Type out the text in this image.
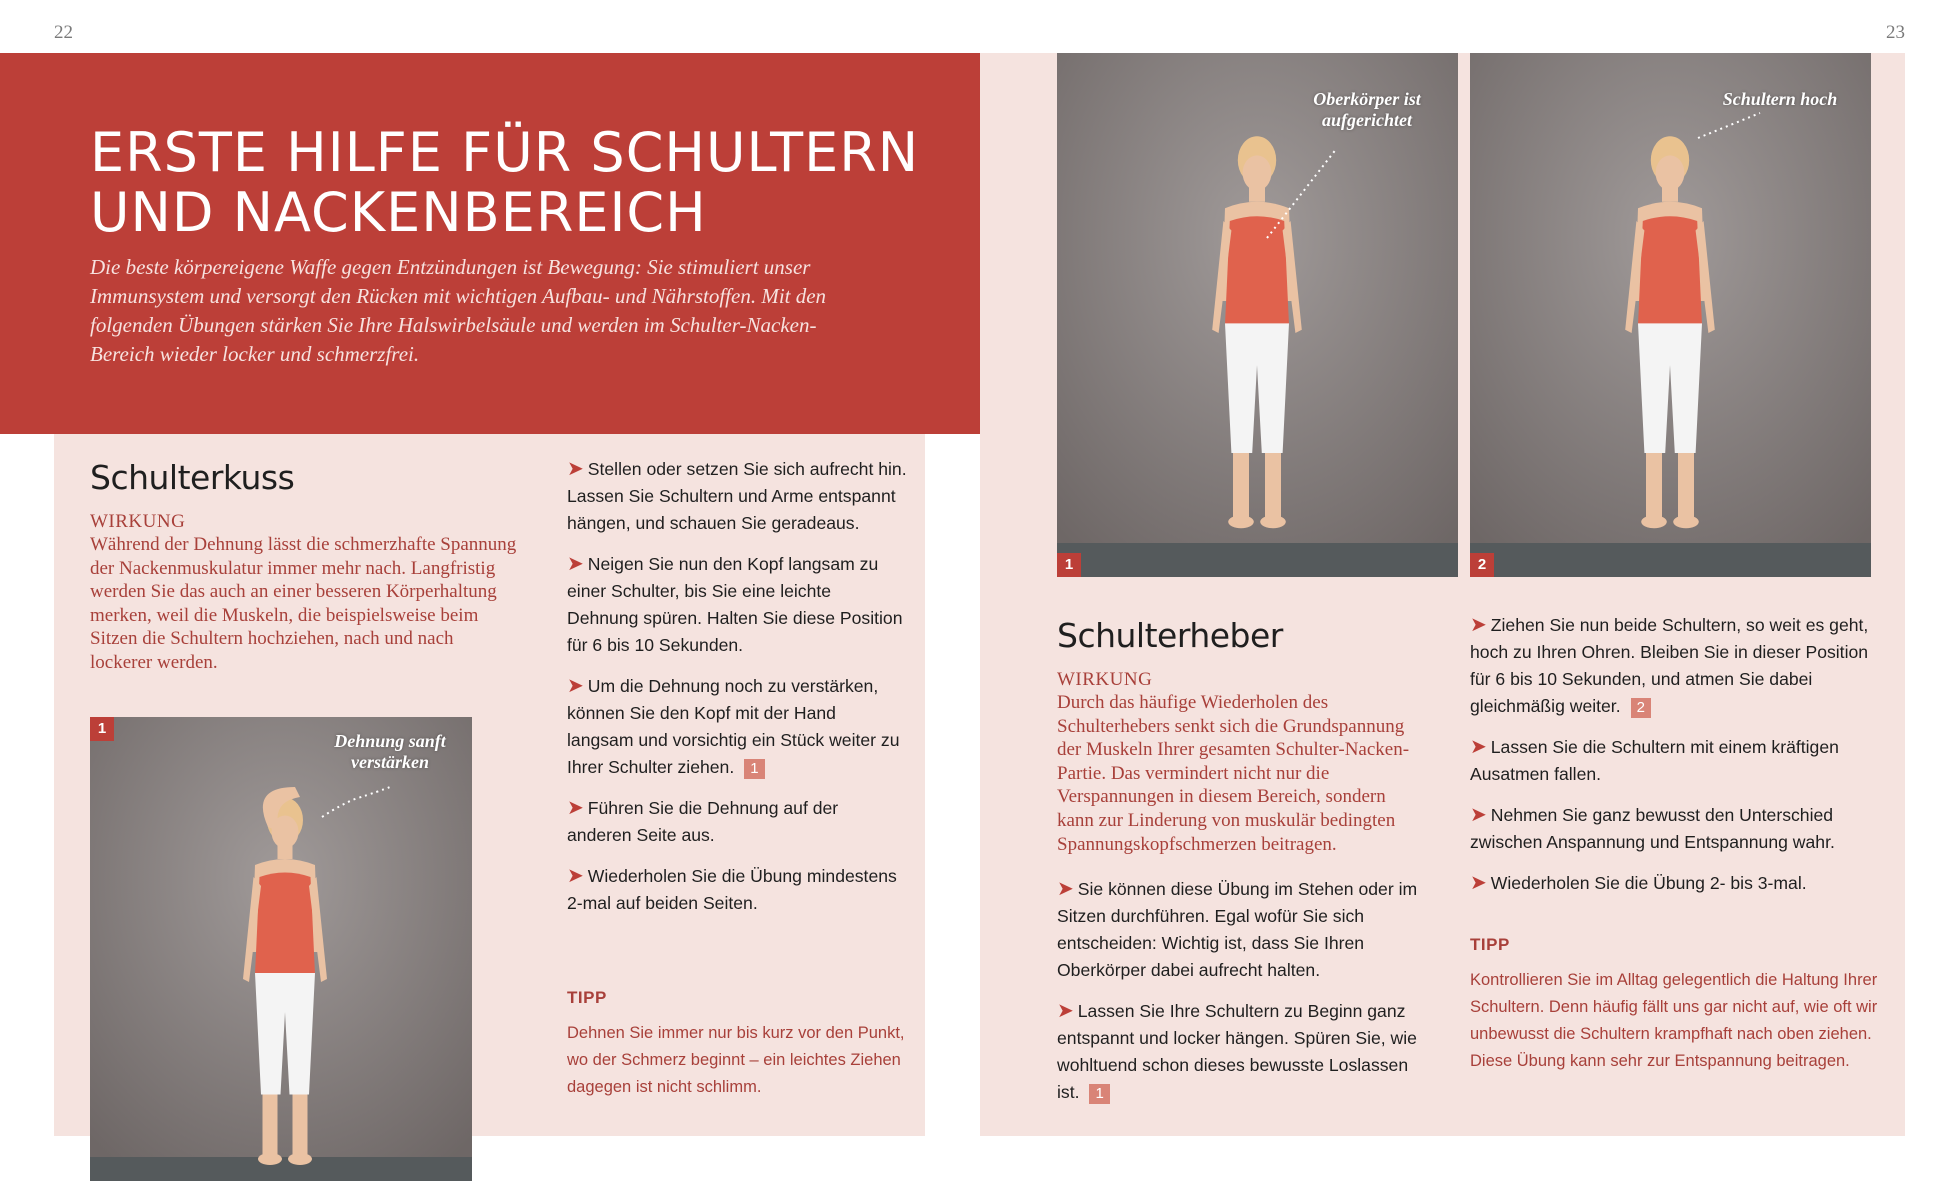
22	23
ERSTE HILFE FÜR SCHULTERN
UND NACKENBEREICH

Die beste körpereigene Waffe gegen Entzündungen ist Bewegung: Sie stimuliert unser Immunsystem und versorgt den Rücken mit wichtigen Aufbau- und Nährstoffen. Mit den folgenden Übungen stärken Sie Ihre Halswirbelsäule und werden im Schulter-Nacken-Bereich wieder locker und schmerzfrei.

Schulterkuss
WIRKUNG
Während der Dehnung lässt die schmerzhafte Spannung der Nackenmuskulatur immer mehr nach. Langfristig werden Sie das auch an einer besseren Körperhaltung merken, weil die Muskeln, die beispielsweise beim Sitzen die Schultern hochziehen, nach und nach lockerer werden.
1
Dehnung sanft verstärken

➤ Stellen oder setzen Sie sich aufrecht hin. Lassen Sie Schultern und Arme entspannt hängen, und schauen Sie geradeaus.

➤ Neigen Sie nun den Kopf langsam zu einer Schulter, bis Sie eine leichte Dehnung spüren. Halten Sie diese Position für 6 bis 10 Sekunden.

➤ Um die Dehnung noch zu verstärken, können Sie den Kopf mit der Hand langsam und vorsichtig ein Stück weiter zu Ihrer Schulter ziehen. 1

➤ Führen Sie die Dehnung auf der anderen Seite aus.

➤ Wiederholen Sie die Übung mindestens 2-mal auf beiden Seiten.

TIPP
Dehnen Sie immer nur bis kurz vor den Punkt, wo der Schmerz beginnt – ein leichtes Ziehen dagegen ist nicht schlimm.
1
Oberkörper ist aufgerichtet
2
Schultern hoch
Schulterheber
WIRKUNG
Durch das häufige Wiederholen des Schulterhebers senkt sich die Grundspannung der Muskeln Ihrer gesamten Schulter-Nacken-Partie. Das vermindert nicht nur die Verspannungen in diesem Bereich, sondern kann zur Linderung von muskulär bedingten Spannungskopfschmerzen beitragen.

➤ Sie können diese Übung im Stehen oder im Sitzen durchführen. Egal wofür Sie sich entscheiden: Wichtig ist, dass Sie Ihren Oberkörper dabei aufrecht halten.

➤ Lassen Sie Ihre Schultern zu Beginn ganz entspannt und locker hängen. Spüren Sie, wie wohltuend schon dieses bewusste Loslassen ist. 1

➤ Ziehen Sie nun beide Schultern, so weit es geht, hoch zu Ihren Ohren. Bleiben Sie in dieser Position für 6 bis 10 Sekunden, und atmen Sie dabei gleichmäßig weiter. 2

➤ Lassen Sie die Schultern mit einem kräftigen Ausatmen fallen.

➤ Nehmen Sie ganz bewusst den Unterschied zwischen Anspannung und Entspannung wahr.

➤ Wiederholen Sie die Übung 2- bis 3-mal.

TIPP
Kontrollieren Sie im Alltag gelegentlich die Haltung Ihrer Schultern. Denn häufig fällt uns gar nicht auf, wie oft wir unbewusst die Schultern krampfhaft nach oben ziehen. Diese Übung kann sehr zur Entspannung beitragen.
